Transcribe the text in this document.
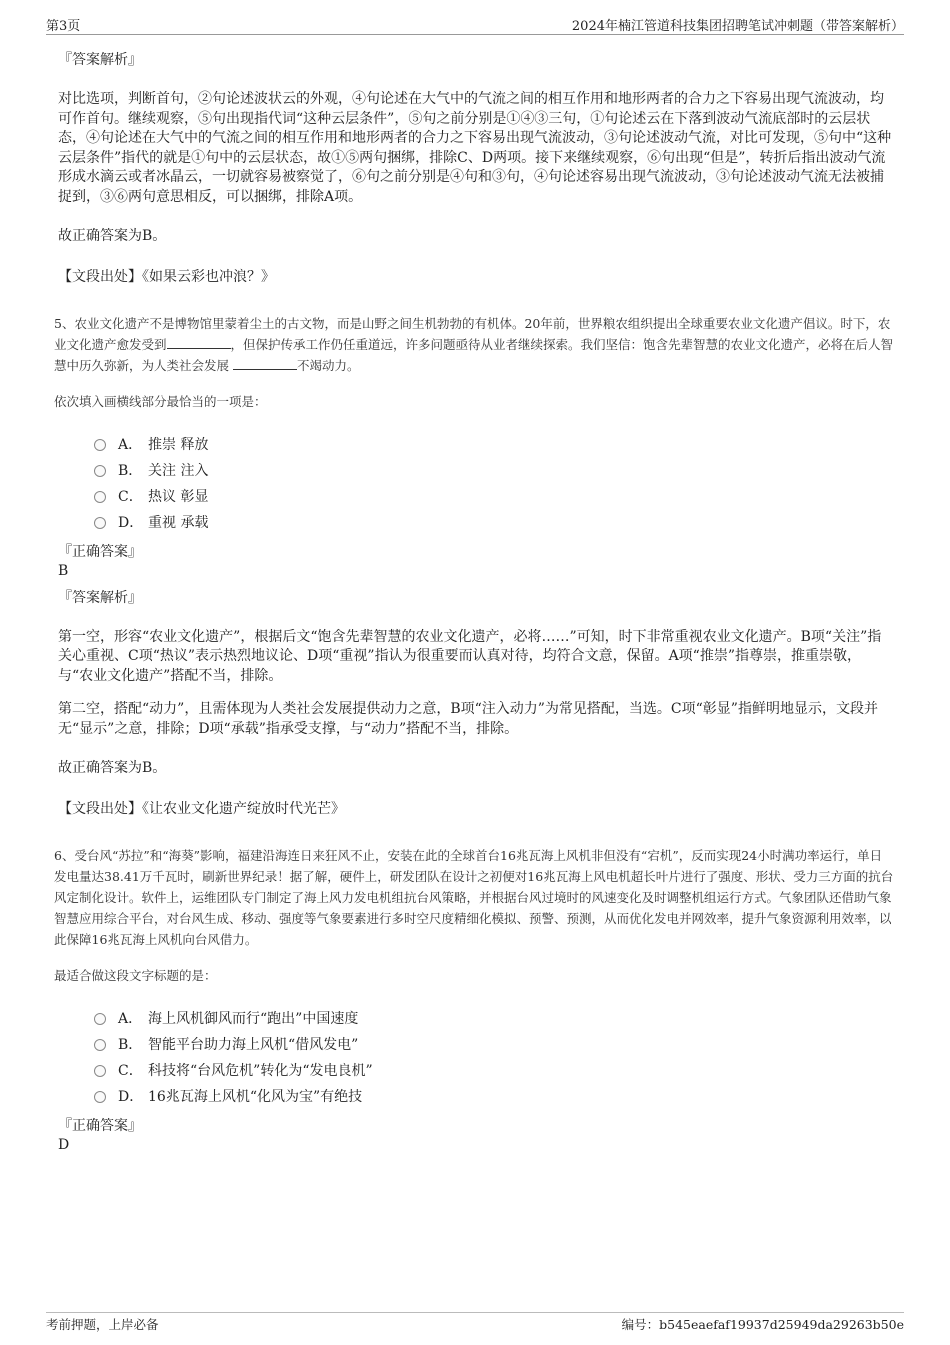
第3页	2024年楠江管道科技集团招聘笔试冲刺题（带答案解析）
『答案解析』
对比选项，判断首句，②句论述波状云的外观，④句论述在大气中的气流之间的相互作用和地形两者的合力之下容易出现气流波动，均可作首句。继续观察，⑤句出现指代词“这种云层条件”，⑤句之前分别是①④③三句，①句论述云在下落到波动气流底部时的云层状态，④句论述在大气中的气流之间的相互作用和地形两者的合力之下容易出现气流波动，③句论述波动气流，对比可发现，⑤句中“这种云层条件”指代的就是①句中的云层状态，故①⑤两句捆绑，排除C、D两项。接下来继续观察，⑥句出现“但是”，转折后指出波动气流形成水滴云或者冰晶云，一切就容易被察觉了，⑥句之前分别是④句和③句，④句论述容易出现气流波动，③句论述波动气流无法被捕捉到，③⑥两句意思相反，可以捆绑，排除A项。
故正确答案为B。
【文段出处】《如果云彩也冲浪？》
5、农业文化遗产不是博物馆里蒙着尘土的古文物，而是山野之间生机勃勃的有机体。20年前，世界粮农组织提出全球重要农业文化遗产倡议。时下，农业文化遗产愈发受到	，但保护传承工作仍任重道远，许多问题亟待从业者继续探索。我们坚信：饱含先辈智慧的农业文化遗产，必将在后人智慧中历久弥新，为人类社会发展	不竭动力。
依次填入画横线部分最恰当的一项是：
A． 推崇 释放
B． 关注 注入
C． 热议 彰显
D． 重视 承载
『正确答案』
B
『答案解析』
第一空，形容“农业文化遗产”，根据后文“饱含先辈智慧的农业文化遗产，必将……”可知，时下非常重视农业文化遗产。B项“关注”指关心重视、C项“热议”表示热烈地议论、D项“重视”指认为很重要而认真对待，均符合文意，保留。A项“推崇”指尊崇，推重崇敬，与“农业文化遗产”搭配不当，排除。
第二空，搭配“动力”，且需体现为人类社会发展提供动力之意，B项“注入动力”为常见搭配，当选。C项“彰显”指鲜明地显示，文段并无“显示”之意，排除；D项“承载”指承受支撑，与“动力”搭配不当，排除。
故正确答案为B。
【文段出处】《让农业文化遗产绽放时代光芒》
6、受台风“苏拉”和“海葵”影响，福建沿海连日来狂风不止，安装在此的全球首台16兆瓦海上风机非但没有“宕机”，反而实现24小时满功率运行，单日发电量达38.41万千瓦时，刷新世界纪录！据了解，硬件上，研发团队在设计之初便对16兆瓦海上风电机超长叶片进行了强度、形状、受力三方面的抗台风定制化设计。软件上，运维团队专门制定了海上风力发电机组抗台风策略，并根据台风过境时的风速变化及时调整机组运行方式。气象团队还借助气象智慧应用综合平台，对台风生成、移动、强度等气象要素进行多时空尺度精细化模拟、预警、预测，从而优化发电并网效率，提升气象资源利用效率，以此保障16兆瓦海上风机向台风借力。
最适合做这段文字标题的是：
A． 海上风机御风而行“跑出”中国速度
B． 智能平台助力海上风机“借风发电”
C． 科技将“台风危机”转化为“发电良机”
D． 16兆瓦海上风机“化风为宝”有绝技
『正确答案』
D
考前押题，上岸必备	编号：b545eaefaf19937d25949da29263b50e
